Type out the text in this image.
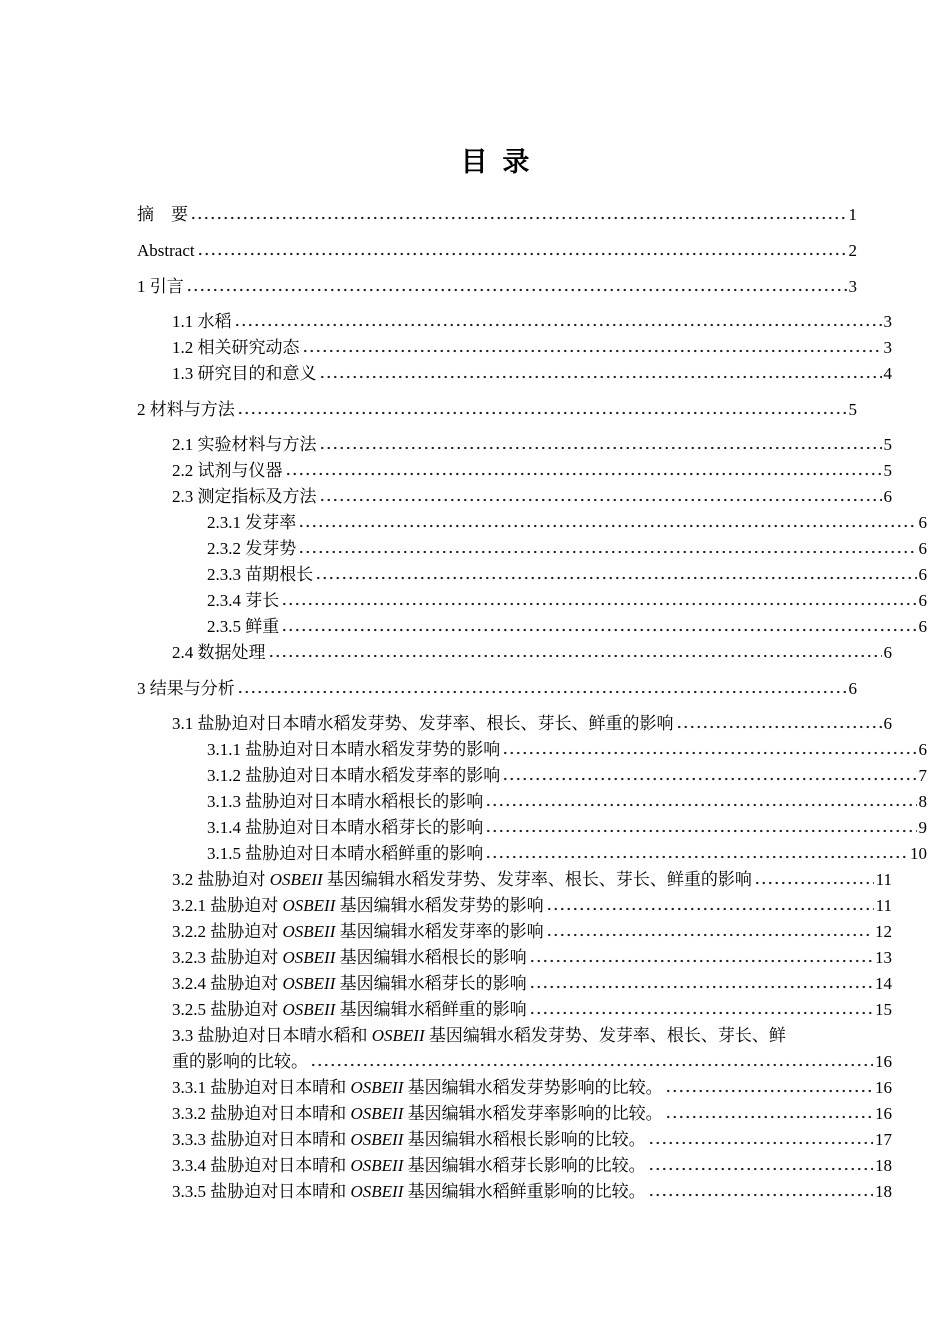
目 录
摘　要	1
Abstract	2
1 引言	3
1.1 水稻	3
1.2 相关研究动态	3
1.3 研究目的和意义	4
2 材料与方法	5
2.1 实验材料与方法	5
2.2 试剂与仪器	5
2.3 测定指标及方法	6
2.3.1 发芽率	6
2.3.2 发芽势	6
2.3.3 苗期根长	6
2.3.4 芽长	6
2.3.5 鲜重	6
2.4 数据处理	6
3 结果与分析	6
3.1 盐胁迫对日本晴水稻发芽势、发芽率、根长、芽长、鲜重的影响	6
3.1.1 盐胁迫对日本晴水稻发芽势的影响	6
3.1.2 盐胁迫对日本晴水稻发芽率的影响	7
3.1.3 盐胁迫对日本晴水稻根长的影响	8
3.1.4 盐胁迫对日本晴水稻芽长的影响	9
3.1.5 盐胁迫对日本晴水稻鲜重的影响	10
3.2 盐胁迫对 OSBEII 基因编辑水稻发芽势、发芽率、根长、芽长、鲜重的影响	11
3.2.1 盐胁迫对 OSBEII 基因编辑水稻发芽势的影响	11
3.2.2 盐胁迫对 OSBEII 基因编辑水稻发芽率的影响	12
3.2.3 盐胁迫对 OSBEII 基因编辑水稻根长的影响	13
3.2.4 盐胁迫对 OSBEII 基因编辑水稻芽长的影响	14
3.2.5 盐胁迫对 OSBEII 基因编辑水稻鲜重的影响	15
3.3 盐胁迫对日本晴水稻和 OSBEII 基因编辑水稻发芽势、发芽率、根长、芽长、鲜
重的影响的比较。	16
3.3.1 盐胁迫对日本晴和 OSBEII 基因编辑水稻发芽势影响的比较。	16
3.3.2 盐胁迫对日本晴和 OSBEII 基因编辑水稻发芽率影响的比较。	16
3.3.3 盐胁迫对日本晴和 OSBEII 基因编辑水稻根长影响的比较。	17
3.3.4 盐胁迫对日本晴和 OSBEII 基因编辑水稻芽长影响的比较。	18
3.3.5 盐胁迫对日本晴和 OSBEII 基因编辑水稻鲜重影响的比较。	18
